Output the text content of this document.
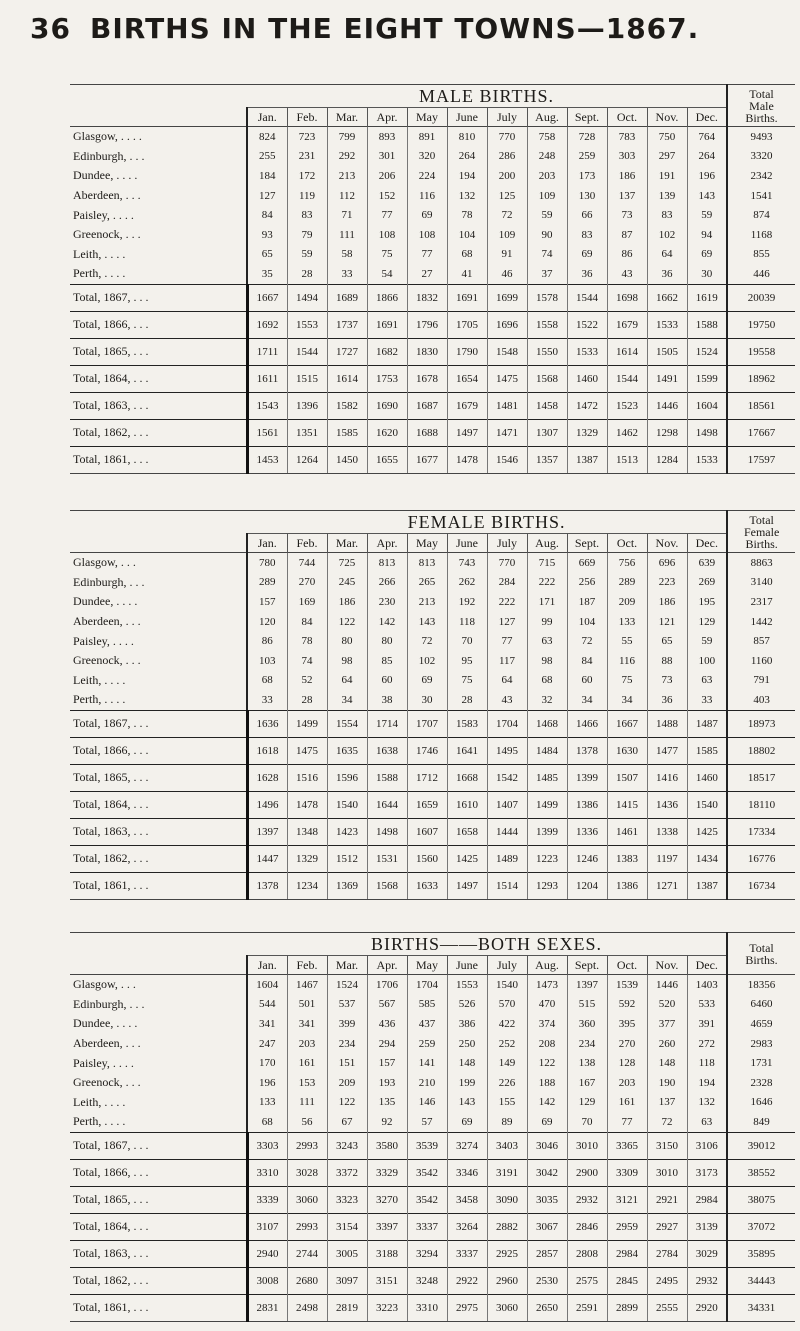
36 BIRTHS IN THE EIGHT TOWNS—1867.
	MALE BIRTHS.												Total
Male
Births.

	Jan.	Feb.	Mar.	Apr.	May	June	July	Aug.	Sept.	Oct.	Nov.	Dec.	
Glasgow, . . . .	824	723	799	893	891	810	770	758	728	783	750	764	9493
Edinburgh, . . .	255	231	292	301	320	264	286	248	259	303	297	264	3320
Dundee, . . . .	184	172	213	206	224	194	200	203	173	186	191	196	2342
Aberdeen, . . .	127	119	112	152	116	132	125	109	130	137	139	143	1541
Paisley, . . . .	84	83	71	77	69	78	72	59	66	73	83	59	874
Greenock, . . .	93	79	111	108	108	104	109	90	83	87	102	94	1168
Leith, . . . .	65	59	58	75	77	68	91	74	69	86	64	69	855
Perth, . . . .	35	28	33	54	27	41	46	37	36	43	36	30	446
Total, 1867, . . .	1667	1494	1689	1866	1832	1691	1699	1578	1544	1698	1662	1619	20039
Total, 1866, . . .	1692	1553	1737	1691	1796	1705	1696	1558	1522	1679	1533	1588	19750
Total, 1865, . . .	1711	1544	1727	1682	1830	1790	1548	1550	1533	1614	1505	1524	19558
Total, 1864, . . .	1611	1515	1614	1753	1678	1654	1475	1568	1460	1544	1491	1599	18962
Total, 1863, . . .	1543	1396	1582	1690	1687	1679	1481	1458	1472	1523	1446	1604	18561
Total, 1862, . . .	1561	1351	1585	1620	1688	1497	1471	1307	1329	1462	1298	1498	17667
Total, 1861, . . .	1453	1264	1450	1655	1677	1478	1546	1357	1387	1513	1284	1533	17597
	FEMALE BIRTHS.												Total
Female
Births.

	Jan.	Feb.	Mar.	Apr.	May	June	July	Aug.	Sept.	Oct.	Nov.	Dec.	
Glasgow, . . .	780	744	725	813	813	743	770	715	669	756	696	639	8863
Edinburgh, . . .	289	270	245	266	265	262	284	222	256	289	223	269	3140
Dundee, . . . .	157	169	186	230	213	192	222	171	187	209	186	195	2317
Aberdeen, . . .	120	84	122	142	143	118	127	99	104	133	121	129	1442
Paisley, . . . .	86	78	80	80	72	70	77	63	72	55	65	59	857
Greenock, . . .	103	74	98	85	102	95	117	98	84	116	88	100	1160
Leith, . . . .	68	52	64	60	69	75	64	68	60	75	73	63	791
Perth, . . . .	33	28	34	38	30	28	43	32	34	34	36	33	403
Total, 1867, . . .	1636	1499	1554	1714	1707	1583	1704	1468	1466	1667	1488	1487	18973
Total, 1866, . . .	1618	1475	1635	1638	1746	1641	1495	1484	1378	1630	1477	1585	18802
Total, 1865, . . .	1628	1516	1596	1588	1712	1668	1542	1485	1399	1507	1416	1460	18517
Total, 1864, . . .	1496	1478	1540	1644	1659	1610	1407	1499	1386	1415	1436	1540	18110
Total, 1863, . . .	1397	1348	1423	1498	1607	1658	1444	1399	1336	1461	1338	1425	17334
Total, 1862, . . .	1447	1329	1512	1531	1560	1425	1489	1223	1246	1383	1197	1434	16776
Total, 1861, . . .	1378	1234	1369	1568	1633	1497	1514	1293	1204	1386	1271	1387	16734
	BIRTHS——BOTH SEXES.												Total
Births.

	Jan.	Feb.	Mar.	Apr.	May	June	July	Aug.	Sept.	Oct.	Nov.	Dec.	
Glasgow, . . .	1604	1467	1524	1706	1704	1553	1540	1473	1397	1539	1446	1403	18356
Edinburgh, . . .	544	501	537	567	585	526	570	470	515	592	520	533	6460
Dundee, . . . .	341	341	399	436	437	386	422	374	360	395	377	391	4659
Aberdeen, . . .	247	203	234	294	259	250	252	208	234	270	260	272	2983
Paisley, . . . .	170	161	151	157	141	148	149	122	138	128	148	118	1731
Greenock, . . .	196	153	209	193	210	199	226	188	167	203	190	194	2328
Leith, . . . .	133	111	122	135	146	143	155	142	129	161	137	132	1646
Perth, . . . .	68	56	67	92	57	69	89	69	70	77	72	63	849
Total, 1867, . . .	3303	2993	3243	3580	3539	3274	3403	3046	3010	3365	3150	3106	39012
Total, 1866, . . .	3310	3028	3372	3329	3542	3346	3191	3042	2900	3309	3010	3173	38552
Total, 1865, . . .	3339	3060	3323	3270	3542	3458	3090	3035	2932	3121	2921	2984	38075
Total, 1864, . . .	3107	2993	3154	3397	3337	3264	2882	3067	2846	2959	2927	3139	37072
Total, 1863, . . .	2940	2744	3005	3188	3294	3337	2925	2857	2808	2984	2784	3029	35895
Total, 1862, . . .	3008	2680	3097	3151	3248	2922	2960	2530	2575	2845	2495	2932	34443
Total, 1861, . . .	2831	2498	2819	3223	3310	2975	3060	2650	2591	2899	2555	2920	34331
